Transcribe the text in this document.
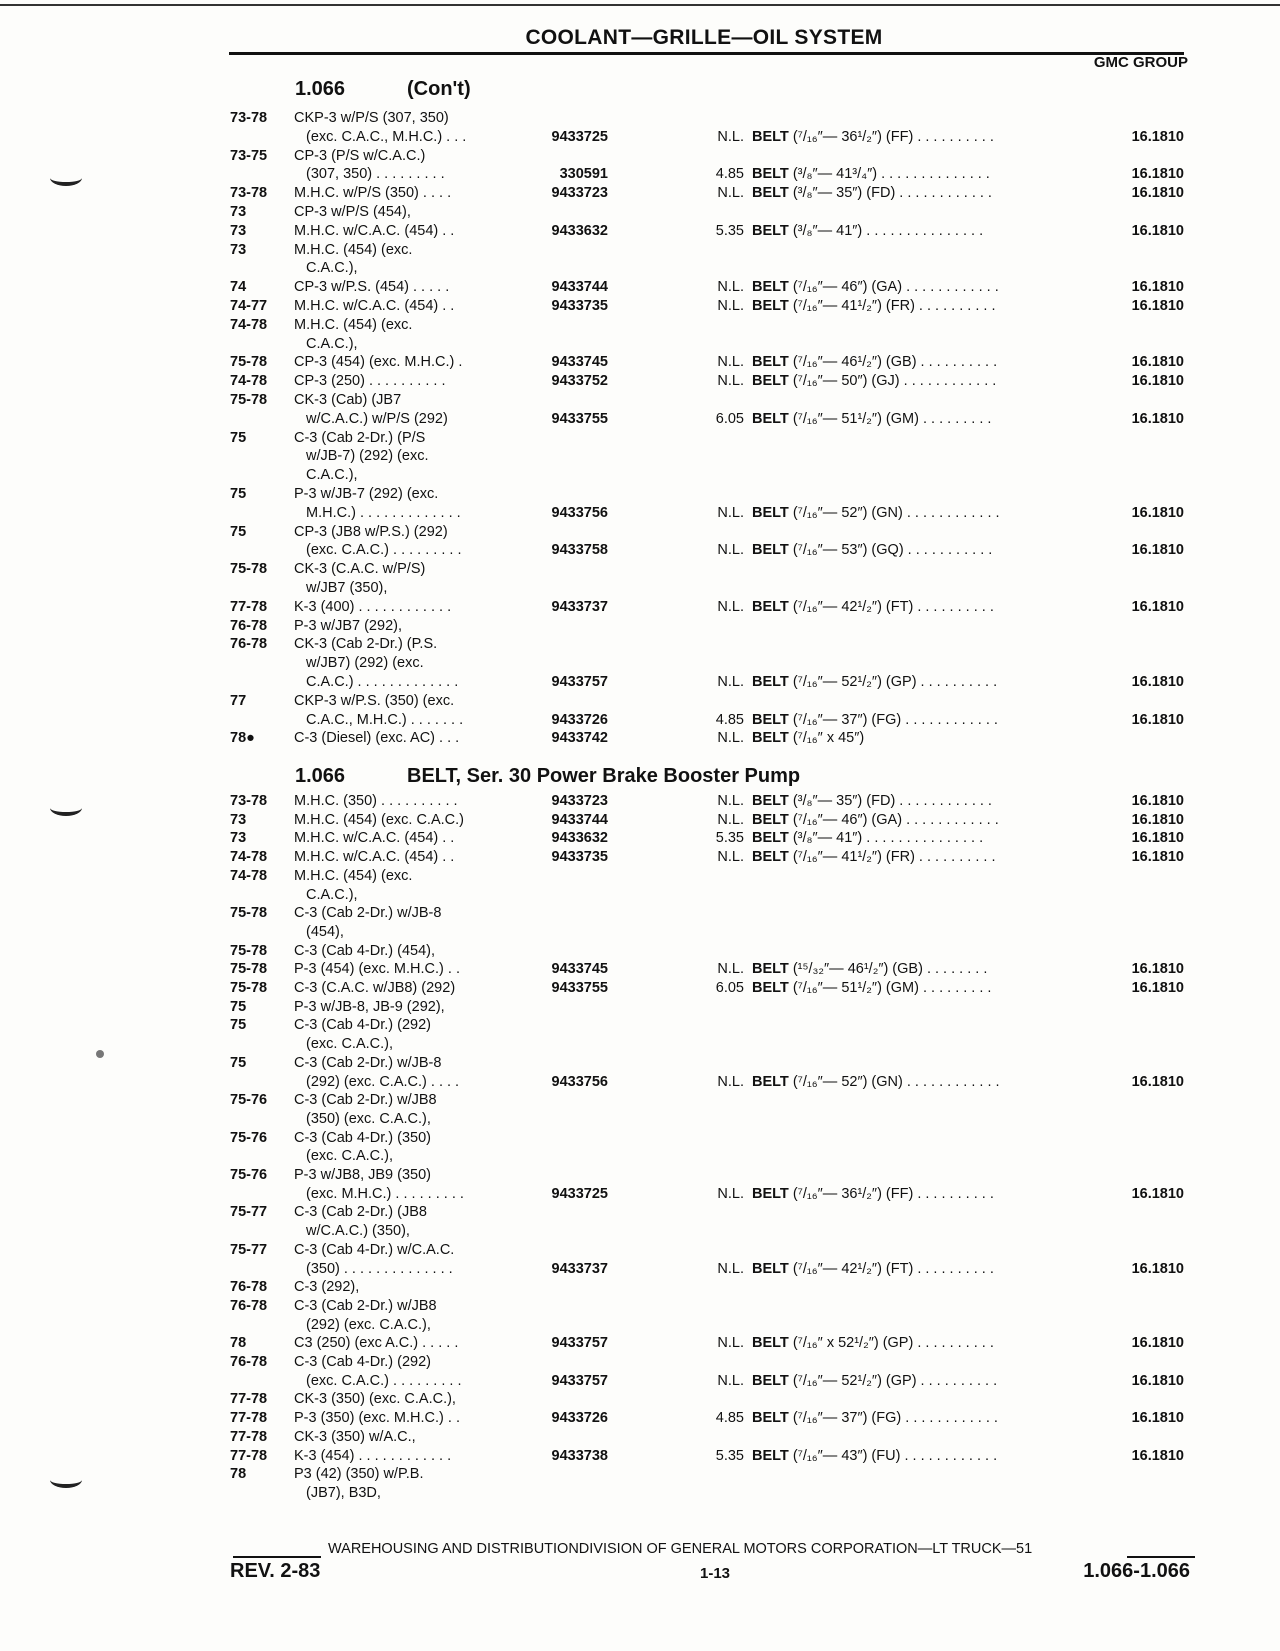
COOLANT—GRILLE—OIL SYSTEM
GMC GROUP
1.066	(Con't)
1.066	BELT, Ser. 30 Power Brake Booster Pump
73-78 CKP-3 w/P/S (307, 350)
(exc. C.A.C., M.H.C.) . . .	9433725	N.L. BELT (⁷/₁₆″— 36¹/₂″) (FF) . . . . . . . . . .	16.1810
73-75 CP-3 (P/S w/C.A.C.)
(307, 350) . . . . . . . . .	330591	4.85 BELT (³/₈″— 41³/₄″) . . . . . . . . . . . . . .	16.1810
73-78 M.H.C. w/P/S (350) . . . .	9433723	N.L. BELT (³/₈″— 35″) (FD) . . . . . . . . . . . .	16.1810
73	CP-3 w/P/S (454),
73	M.H.C. w/C.A.C. (454) . .	9433632	5.35 BELT (³/₈″— 41″) . . . . . . . . . . . . . . .	16.1810
73	M.H.C. (454) (exc.
C.A.C.),
74	CP-3 w/P.S. (454) . . . . .	9433744	N.L. BELT (⁷/₁₆″— 46″) (GA) . . . . . . . . . . . .	16.1810
74-77 M.H.C. w/C.A.C. (454) . .	9433735	N.L. BELT (⁷/₁₆″— 41¹/₂″) (FR) . . . . . . . . . .	16.1810
74-78 M.H.C. (454) (exc.
C.A.C.),
75-78 CP-3 (454) (exc. M.H.C.) .	9433745	N.L. BELT (⁷/₁₆″— 46¹/₂″) (GB) . . . . . . . . . .	16.1810
74-78 CP-3 (250) . . . . . . . . . .	9433752	N.L. BELT (⁷/₁₆″— 50″) (GJ) . . . . . . . . . . . .	16.1810
75-78 CK-3 (Cab) (JB7
w/C.A.C.) w/P/S (292)	9433755	6.05 BELT (⁷/₁₆″— 51¹/₂″) (GM) . . . . . . . . .	16.1810
75	C-3 (Cab 2-Dr.) (P/S
w/JB-7) (292) (exc.
C.A.C.),
75	P-3 w/JB-7 (292) (exc.
M.H.C.) . . . . . . . . . . . . .	9433756	N.L. BELT (⁷/₁₆″— 52″) (GN) . . . . . . . . . . . .	16.1810
75	CP-3 (JB8 w/P.S.) (292)
(exc. C.A.C.) . . . . . . . . .	9433758	N.L. BELT (⁷/₁₆″— 53″) (GQ) . . . . . . . . . . .	16.1810
75-78 CK-3 (C.A.C. w/P/S)
w/JB7 (350),
77-78 K-3 (400) . . . . . . . . . . . .	9433737	N.L. BELT (⁷/₁₆″— 42¹/₂″) (FT) . . . . . . . . . .	16.1810
76-78 P-3 w/JB7 (292),
76-78 CK-3 (Cab 2-Dr.) (P.S.
w/JB7) (292) (exc.
C.A.C.) . . . . . . . . . . . . .	9433757	N.L. BELT (⁷/₁₆″— 52¹/₂″) (GP) . . . . . . . . . .	16.1810
77	CKP-3 w/P.S. (350) (exc.
C.A.C., M.H.C.) . . . . . . .	9433726	4.85 BELT (⁷/₁₆″— 37″) (FG) . . . . . . . . . . . .	16.1810
78●	C-3 (Diesel) (exc. AC) . . .	9433742	N.L. BELT (⁷/₁₆″ x 45″)
73-78 M.H.C. (350) . . . . . . . . . .	9433723	N.L. BELT (³/₈″— 35″) (FD) . . . . . . . . . . . .	16.1810
73	M.H.C. (454) (exc. C.A.C.)	9433744	N.L. BELT (⁷/₁₆″— 46″) (GA) . . . . . . . . . . . .	16.1810
73	M.H.C. w/C.A.C. (454) . .	9433632	5.35 BELT (³/₈″— 41″) . . . . . . . . . . . . . . .	16.1810
74-78 M.H.C. w/C.A.C. (454) . .	9433735	N.L. BELT (⁷/₁₆″— 41¹/₂″) (FR) . . . . . . . . . .	16.1810
74-78 M.H.C. (454) (exc.
C.A.C.),
75-78 C-3 (Cab 2-Dr.) w/JB-8
(454),
75-78 C-3 (Cab 4-Dr.) (454),
75-78 P-3 (454) (exc. M.H.C.) . .	9433745	N.L. BELT (¹⁵/₃₂″— 46¹/₂″) (GB) . . . . . . . .	16.1810
75-78 C-3 (C.A.C. w/JB8) (292)	9433755	6.05 BELT (⁷/₁₆″— 51¹/₂″) (GM) . . . . . . . . .	16.1810
75	P-3 w/JB-8, JB-9 (292),
75	C-3 (Cab 4-Dr.) (292)
(exc. C.A.C.),
75	C-3 (Cab 2-Dr.) w/JB-8
(292) (exc. C.A.C.) . . . .	9433756	N.L. BELT (⁷/₁₆″— 52″) (GN) . . . . . . . . . . . .	16.1810
75-76 C-3 (Cab 2-Dr.) w/JB8
(350) (exc. C.A.C.),
75-76 C-3 (Cab 4-Dr.) (350)
(exc. C.A.C.),
75-76 P-3 w/JB8, JB9 (350)
(exc. M.H.C.) . . . . . . . . .	9433725	N.L. BELT (⁷/₁₆″— 36¹/₂″) (FF) . . . . . . . . . .	16.1810
75-77 C-3 (Cab 2-Dr.) (JB8
w/C.A.C.) (350),
75-77 C-3 (Cab 4-Dr.) w/C.A.C.
(350) . . . . . . . . . . . . . .	9433737	N.L. BELT (⁷/₁₆″— 42¹/₂″) (FT) . . . . . . . . . .	16.1810
76-78 C-3 (292),
76-78 C-3 (Cab 2-Dr.) w/JB8
(292) (exc. C.A.C.),
78	C3 (250) (exc A.C.) . . . . .	9433757	N.L. BELT (⁷/₁₆″ x 52¹/₂″) (GP) . . . . . . . . . .	16.1810
76-78 C-3 (Cab 4-Dr.) (292)
(exc. C.A.C.) . . . . . . . . .	9433757	N.L. BELT (⁷/₁₆″— 52¹/₂″) (GP) . . . . . . . . . .	16.1810
77-78 CK-3 (350) (exc. C.A.C.),
77-78 P-3 (350) (exc. M.H.C.) . .	9433726	4.85 BELT (⁷/₁₆″— 37″) (FG) . . . . . . . . . . . .	16.1810
77-78 CK-3 (350) w/A.C.,
77-78 K-3 (454) . . . . . . . . . . . .	9433738	5.35 BELT (⁷/₁₆″— 43″) (FU) . . . . . . . . . . . .	16.1810
78	P3 (42) (350) w/P.B.
(JB7), B3D,
WAREHOUSING AND DISTRIBUTIONDIVISION OF GENERAL MOTORS CORPORATION—LT TRUCK—51
REV. 2-83	1-13	1.066-1.066
